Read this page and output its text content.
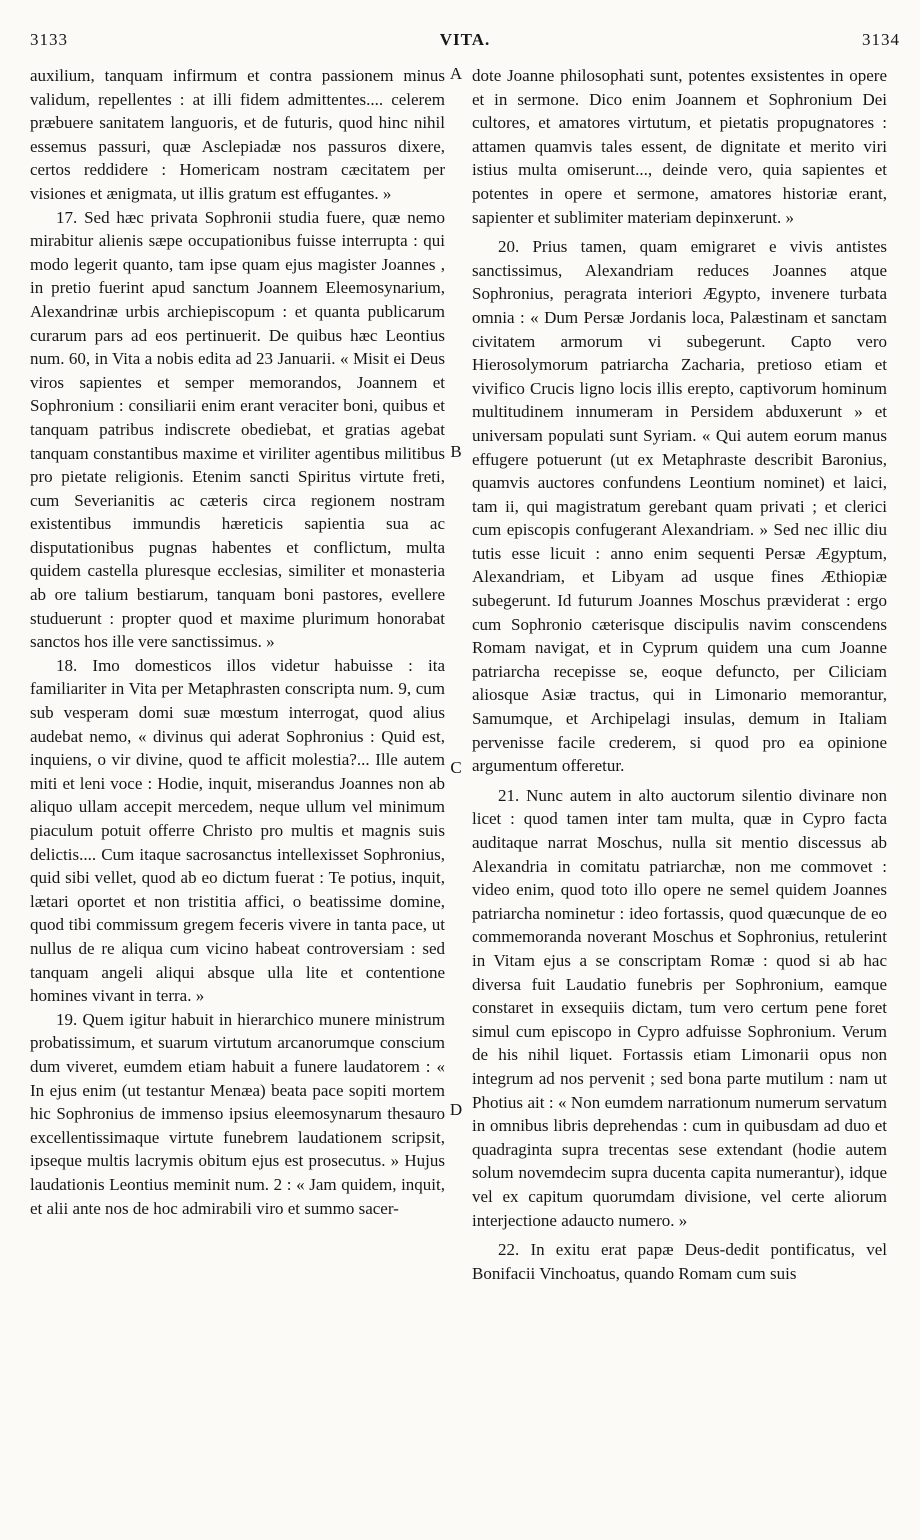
3133	VITA.	3134
A
B
C
D

auxilium, tanquam infirmum et contra passionem minus validum, repellentes : at illi fidem admittentes.... celerem præbuere sanitatem languoris, et de futuris, quod hinc nihil essemus passuri, quæ Asclepiadæ nos passuros dixere, certos reddidere : Homericam nostram cæcitatem per visiones et ænigmata, ut illis gratum est effugantes. »

17. Sed hæc privata Sophronii studia fuere, quæ nemo mirabitur alienis sæpe occupationibus fuisse interrupta : qui modo legerit quanto, tam ipse quam ejus magister Joannes , in pretio fuerint apud sanctum Joannem Eleemosynarium, Alexandrinæ urbis archiepiscopum : et quanta publicarum curarum pars ad eos pertinuerit. De quibus hæc Leontius num. 60, in Vita a nobis edita ad 23 Januarii. « Misit ei Deus viros sapientes et semper memorandos, Joannem et Sophronium : consiliarii enim erant veraciter boni, quibus et tanquam patribus indiscrete obediebat, et gratias agebat tanquam constantibus maxime et viriliter agentibus militibus pro pietate religionis. Etenim sancti Spiritus virtute freti, cum Severianitis ac cæteris circa regionem nostram existentibus immundis hæreticis sapientia sua ac disputationibus pugnas habentes et conflictum, multa quidem castella pluresque ecclesias, similiter et monasteria ab ore talium bestiarum, tanquam boni pastores, evellere studuerunt : propter quod et maxime plurimum honorabat sanctos hos ille vere sanctissimus. »

18. Imo domesticos illos videtur habuisse : ita familiariter in Vita per Metaphrasten conscripta num. 9, cum sub vesperam domi suæ mœstum interrogat, quod alius audebat nemo, « divinus qui aderat Sophronius : Quid est, inquiens, o vir divine, quod te afficit molestia?... Ille autem miti et leni voce : Hodie, inquit, miserandus Joannes non ab aliquo ullam accepit mercedem, neque ullum vel minimum piaculum potuit offerre Christo pro multis et magnis suis delictis.... Cum itaque sacrosanctus intellexisset Sophronius, quid sibi vellet, quod ab eo dictum fuerat : Te potius, inquit, lætari oportet et non tristitia affici, o beatissime domine, quod tibi commissum gregem feceris vivere in tanta pace, ut nullus de re aliqua cum vicino habeat controversiam : sed tanquam angeli aliqui absque ulla lite et contentione homines vivant in terra. »

19. Quem igitur habuit in hierarchico munere ministrum probatissimum, et suarum virtutum arcanorumque conscium dum viveret, eumdem etiam habuit a funere laudatorem : « In ejus enim (ut testantur Menæa) beata pace sopiti mortem hic Sophronius de immenso ipsius eleemosynarum thesauro excellentissimaque virtute funebrem laudationem scripsit, ipseque multis lacrymis obitum ejus est prosecutus. » Hujus laudationis Leontius meminit num. 2 : « Jam quidem, inquit, et alii ante nos de hoc admirabili viro et summo sacer-

dote Joanne philosophati sunt, potentes exsistentes in opere et in sermone. Dico enim Joannem et Sophronium Dei cultores, et amatores virtutum, et pietatis propugnatores : attamen quamvis tales essent, de dignitate et merito viri istius multa omiserunt..., deinde vero, quia sapientes et potentes in opere et sermone, amatores historiæ erant, sapienter et sublimiter materiam depinxerunt. »

20. Prius tamen, quam emigraret e vivis antistes sanctissimus, Alexandriam reduces Joannes atque Sophronius, peragrata interiori Ægypto, invenere turbata omnia : « Dum Persæ Jordanis loca, Palæstinam et sanctam civitatem armorum vi subegerunt. Capto vero Hierosolymorum patriarcha Zacharia, pretioso etiam et vivifico Crucis ligno locis illis erepto, captivorum hominum multitudinem innumeram in Persidem abduxerunt » et universam populati sunt Syriam. « Qui autem eorum manus effugere potuerunt (ut ex Metaphraste describit Baronius, quamvis auctores confundens Leontium nominet) et laici, tam ii, qui magistratum gerebant quam privati ; et clerici cum episcopis confugerant Alexandriam. » Sed nec illic diu tutis esse licuit : anno enim sequenti Persæ Ægyptum, Alexandriam, et Libyam ad usque fines Æthiopiæ subegerunt. Id futurum Joannes Moschus præviderat : ergo cum Sophronio cæterisque discipulis navim conscendens Romam navigat, et in Cyprum quidem una cum Joanne patriarcha recepisse se, eoque defuncto, per Ciliciam aliosque Asiæ tractus, qui in Limonario memorantur, Samumque, et Archipelagi insulas, demum in Italiam pervenisse facile crederem, si quod pro ea opinione argumentum offeretur.

21. Nunc autem in alto auctorum silentio divinare non licet : quod tamen inter tam multa, quæ in Cypro facta auditaque narrat Moschus, nulla sit mentio discessus ab Alexandria in comitatu patriarchæ, non me commovet : video enim, quod toto illo opere ne semel quidem Joannes patriarcha nominetur : ideo fortassis, quod quæcunque de eo commemoranda noverant Moschus et Sophronius, retulerint in Vitam ejus a se conscriptam Romæ : quod si ab hac diversa fuit Laudatio funebris per Sophronium, eamque constaret in exsequiis dictam, tum vero certum pene foret simul cum episcopo in Cypro adfuisse Sophronium. Verum de his nihil liquet. Fortassis etiam Limonarii opus non integrum ad nos pervenit ; sed bona parte mutilum : nam ut Photius ait : « Non eumdem narrationum numerum servatum in omnibus libris deprehendas : cum in quibusdam ad duo et quadraginta supra trecentas sese extendant (hodie autem solum novemdecim supra ducenta capita numerantur), idque vel ex capitum quorumdam divisione, vel certe aliorum interjectione adaucto numero. »

22. In exitu erat papæ Deus-dedit pontificatus, vel Bonifacii Vinchoatus, quando Romam cum suis
